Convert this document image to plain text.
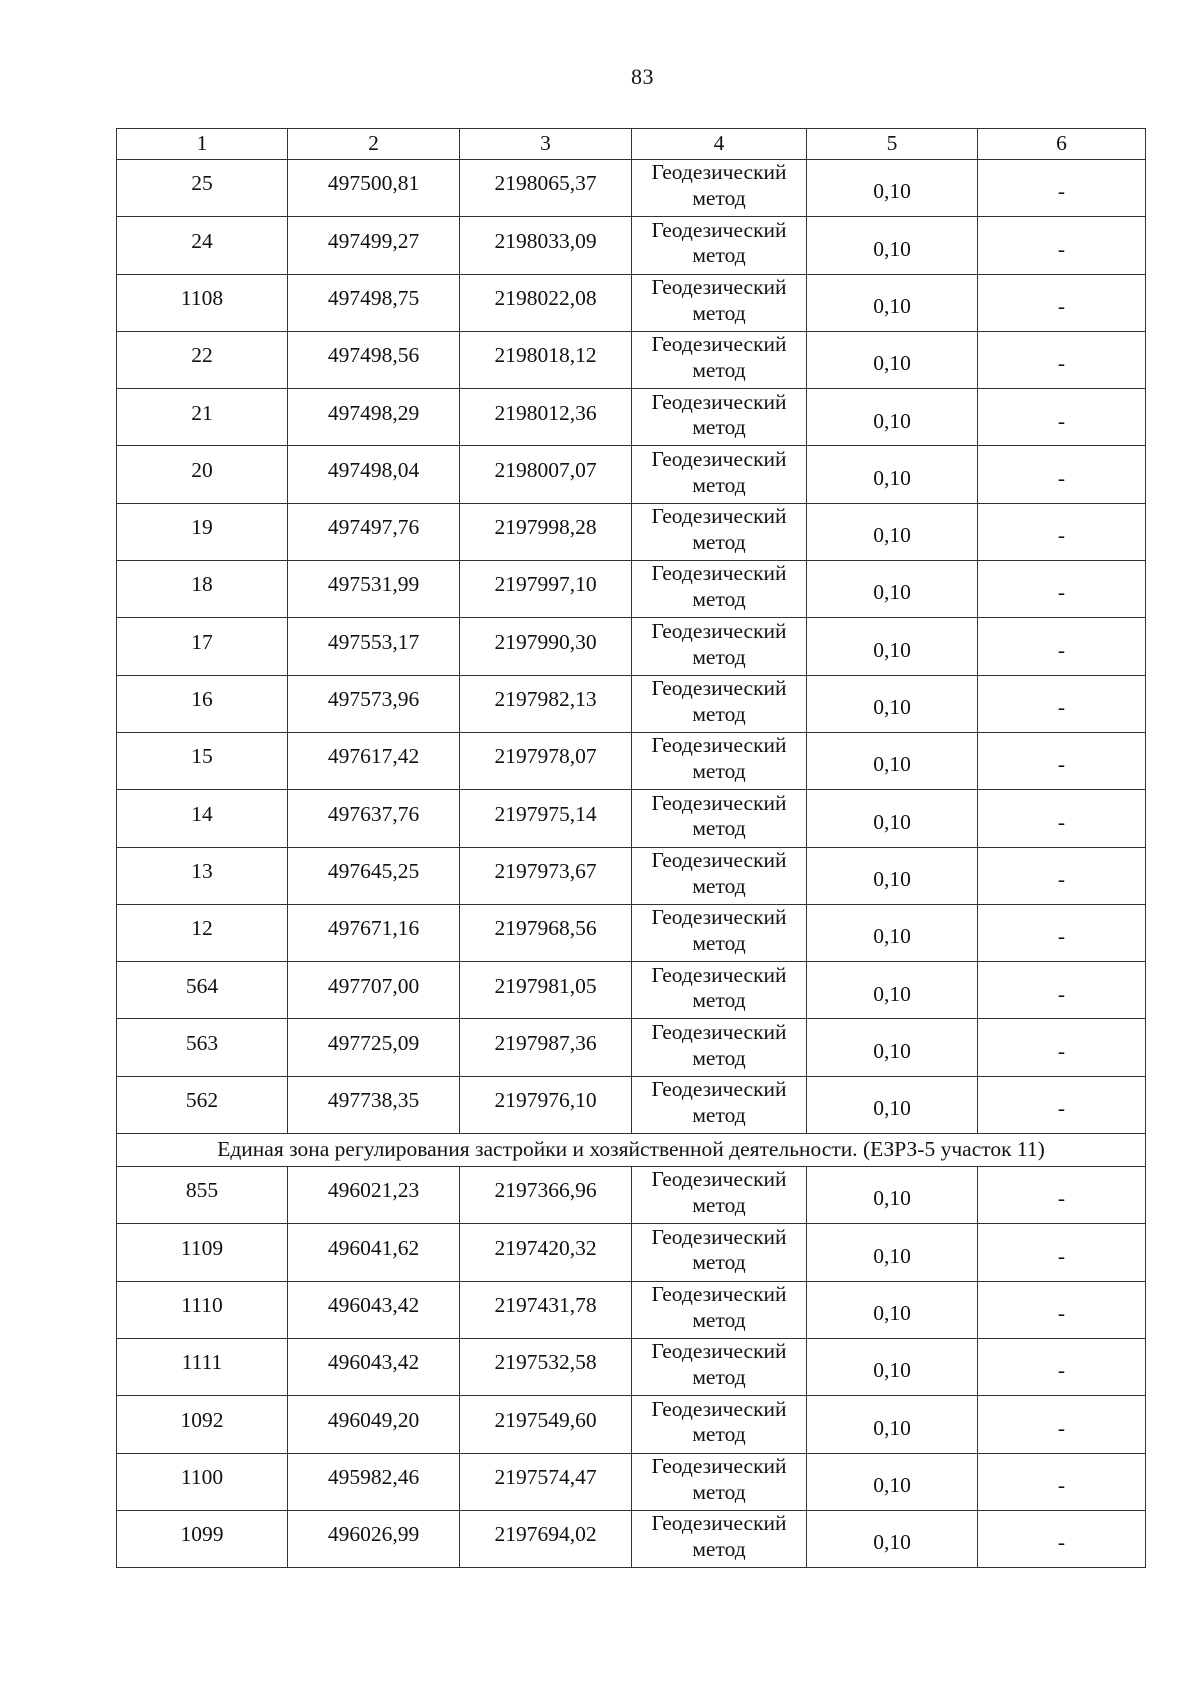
83
1	2	3	4	5	6
25	497500,81	2198065,37	Геодезический метод	0,10	-
24	497499,27	2198033,09	Геодезический метод	0,10	-
1108	497498,75	2198022,08	Геодезический метод	0,10	-
22	497498,56	2198018,12	Геодезический метод	0,10	-
21	497498,29	2198012,36	Геодезический метод	0,10	-
20	497498,04	2198007,07	Геодезический метод	0,10	-
19	497497,76	2197998,28	Геодезический метод	0,10	-
18	497531,99	2197997,10	Геодезический метод	0,10	-
17	497553,17	2197990,30	Геодезический метод	0,10	-
16	497573,96	2197982,13	Геодезический метод	0,10	-
15	497617,42	2197978,07	Геодезический метод	0,10	-
14	497637,76	2197975,14	Геодезический метод	0,10	-
13	497645,25	2197973,67	Геодезический метод	0,10	-
12	497671,16	2197968,56	Геодезический метод	0,10	-
564	497707,00	2197981,05	Геодезический метод	0,10	-
563	497725,09	2197987,36	Геодезический метод	0,10	-
562	497738,35	2197976,10	Геодезический метод	0,10	-
Единая зона регулирования застройки и хозяйственной деятельности. (ЕЗРЗ-5 участок 11)					
855	496021,23	2197366,96	Геодезический метод	0,10	-
1109	496041,62	2197420,32	Геодезический метод	0,10	-
1110	496043,42	2197431,78	Геодезический метод	0,10	-
1111	496043,42	2197532,58	Геодезический метод	0,10	-
1092	496049,20	2197549,60	Геодезический метод	0,10	-
1100	495982,46	2197574,47	Геодезический метод	0,10	-
1099	496026,99	2197694,02	Геодезический метод	0,10	-
